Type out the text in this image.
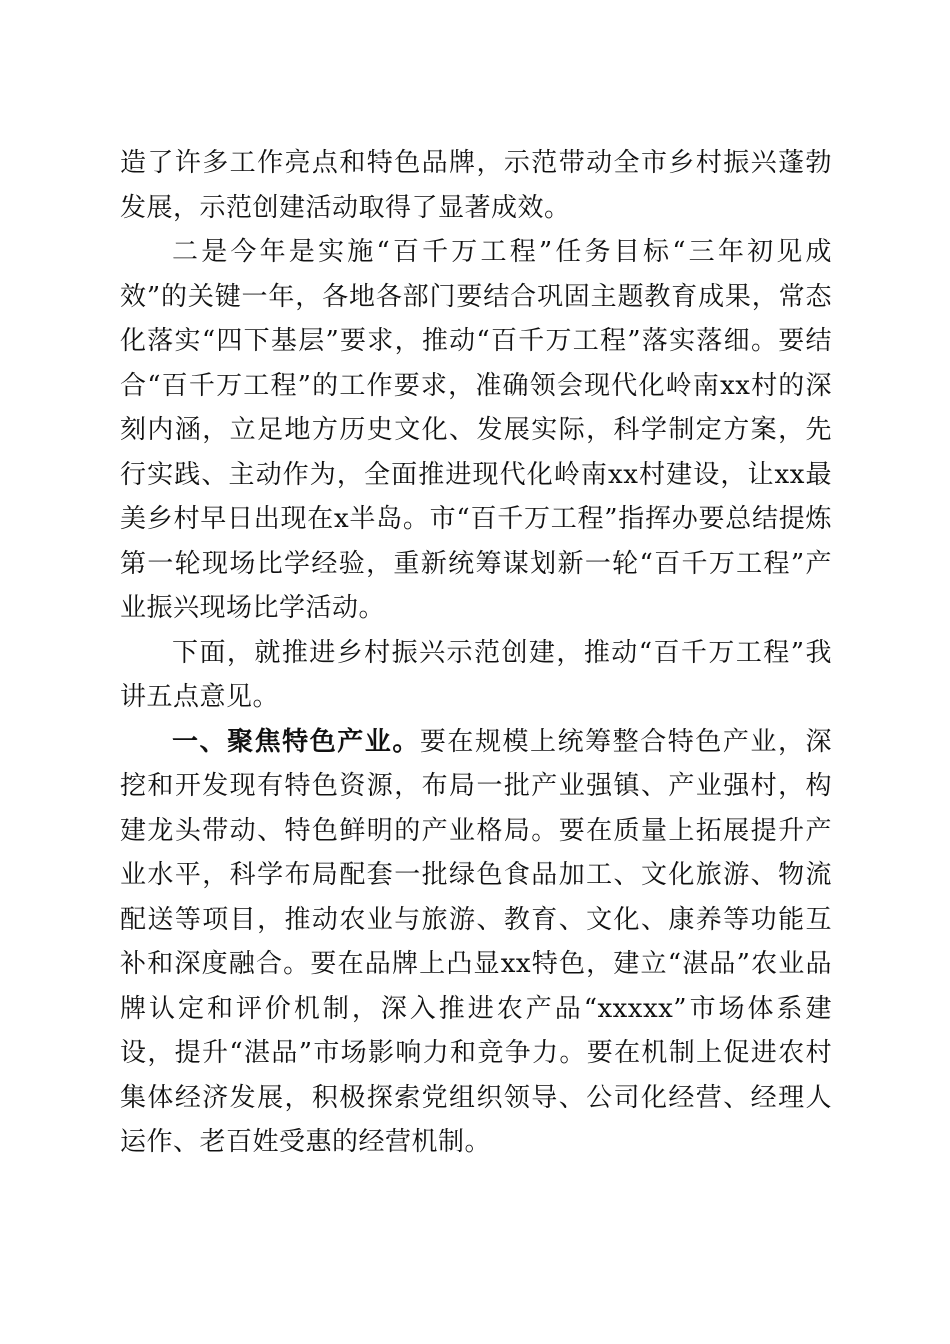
造了许多工作亮点和特色品牌，示范带动全市乡村振兴蓬勃发展，示范创建活动取得了显著成效。

二是今年是实施“百千万工程”任务目标“三年初见成效”的关键一年，各地各部门要结合巩固主题教育成果，常态化落实“四下基层”要求，推动“百千万工程”落实落细。要结合“百千万工程”的工作要求，准确领会现代化岭南xx村的深刻内涵，立足地方历史文化、发展实际，科学制定方案，先行实践、主动作为，全面推进现代化岭南xx村建设，让xx最美乡村早日出现在x半岛。市“百千万工程”指挥办要总结提炼第一轮现场比学经验，重新统筹谋划新一轮“百千万工程”产业振兴现场比学活动。

下面，就推进乡村振兴示范创建，推动“百千万工程”我讲五点意见。

一、聚焦特色产业。要在规模上统筹整合特色产业，深挖和开发现有特色资源，布局一批产业强镇、产业强村，构建龙头带动、特色鲜明的产业格局。要在质量上拓展提升产业水平，科学布局配套一批绿色食品加工、文化旅游、物流配送等项目，推动农业与旅游、教育、文化、康养等功能互补和深度融合。要在品牌上凸显xx特色，建立“湛品”农业品牌认定和评价机制，深入推进农产品“xxxxx”市场体系建设，提升“湛品”市场影响力和竞争力。要在机制上促进农村集体经济发展，积极探索党组织领导、公司化经营、经理人运作、老百姓受惠的经营机制。
